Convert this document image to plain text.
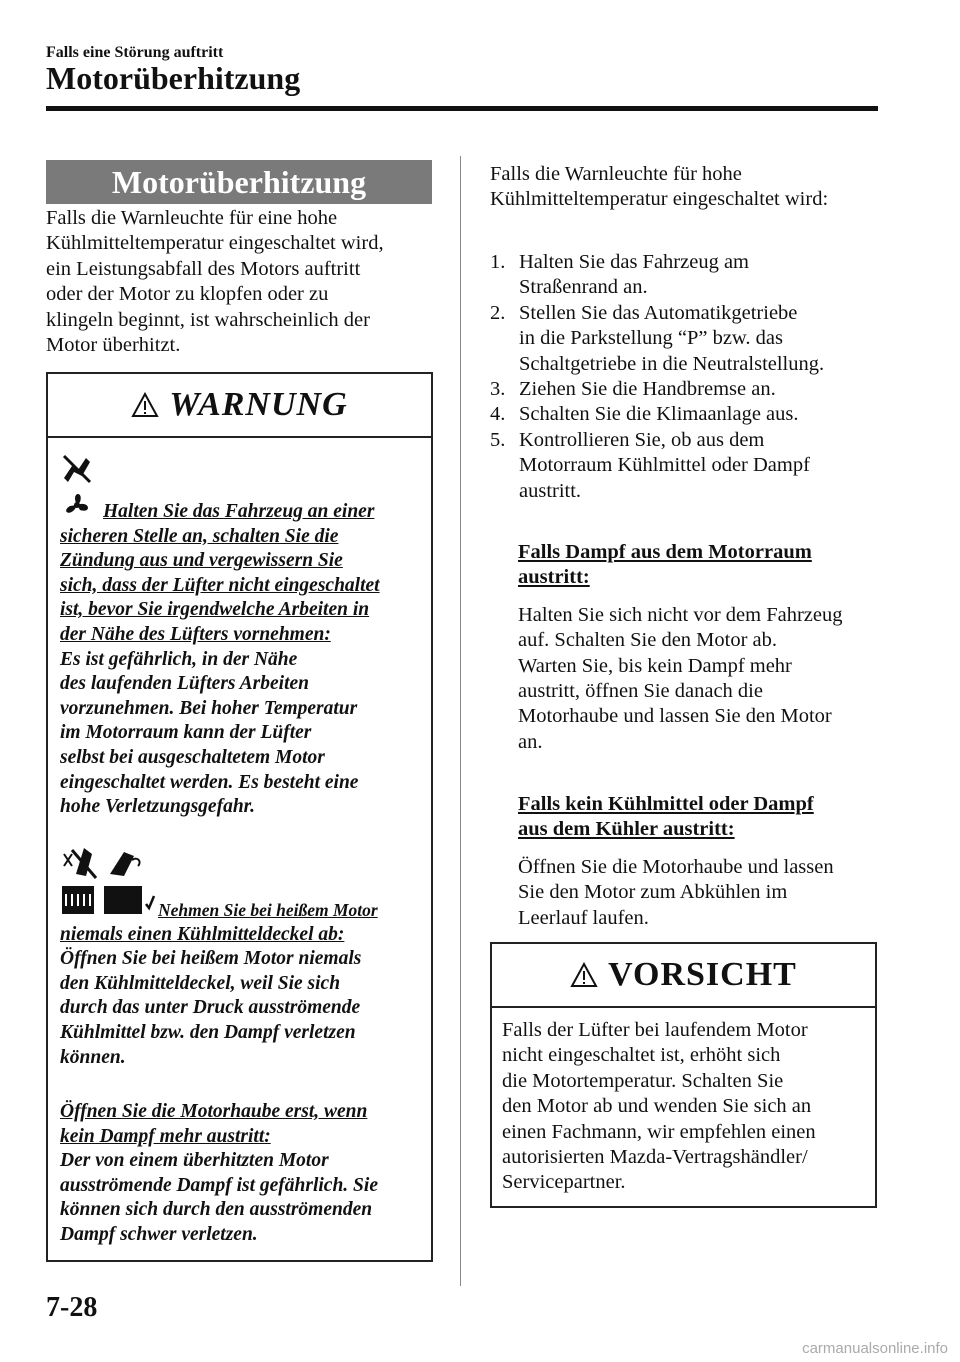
Falls eine Störung auftritt
Motorüberhitzung
Motorüberhitzung
Falls die Warnleuchte für eine hohe
Kühlmitteltemperatur eingeschaltet wird,
ein Leistungsabfall des Motors auftritt
oder der Motor zu klopfen oder zu
klingeln beginnt, ist wahrscheinlich der
Motor überhitzt.
WARNUNG
Halten Sie das Fahrzeug an einer
sicheren Stelle an, schalten Sie die
Zündung aus und vergewissern Sie
sich, dass der Lüfter nicht eingeschaltet
ist, bevor Sie irgendwelche Arbeiten in
der Nähe des Lüfters vornehmen:
Es ist gefährlich, in der Nähe
des laufenden Lüfters Arbeiten
vorzunehmen. Bei hoher Temperatur
im Motorraum kann der Lüfter
selbst bei ausgeschaltetem Motor
eingeschaltet werden. Es besteht eine
hohe Verletzungsgefahr.
Nehmen Sie bei heißem Motor
niemals einen Kühlmitteldeckel ab:
Öffnen Sie bei heißem Motor niemals
den Kühlmitteldeckel, weil Sie sich
durch das unter Druck ausströmende
Kühlmittel bzw. den Dampf verletzen
können.
Öffnen Sie die Motorhaube erst, wenn
kein Dampf mehr austritt:
Der von einem überhitzten Motor
ausströmende Dampf ist gefährlich. Sie
können sich durch den ausströmenden
Dampf schwer verletzen.
Falls die Warnleuchte für hohe
Kühlmitteltemperatur eingeschaltet wird:
1. Halten Sie das Fahrzeug am
Straßenrand an.
2. Stellen Sie das Automatikgetriebe
in die Parkstellung “P” bzw. das
Schaltgetriebe in die Neutralstellung.
3. Ziehen Sie die Handbremse an.
4. Schalten Sie die Klimaanlage aus.
5. Kontrollieren Sie, ob aus dem
Motorraum Kühlmittel oder Dampf
austritt.
Falls Dampf aus dem Motorraum
austritt:
Halten Sie sich nicht vor dem Fahrzeug
auf. Schalten Sie den Motor ab.
Warten Sie, bis kein Dampf mehr
austritt, öffnen Sie danach die
Motorhaube und lassen Sie den Motor
an.
Falls kein Kühlmittel oder Dampf
aus dem Kühler austritt:
Öffnen Sie die Motorhaube und lassen
Sie den Motor zum Abkühlen im
Leerlauf laufen.
VORSICHT
Falls der Lüfter bei laufendem Motor
nicht eingeschaltet ist, erhöht sich
die Motortemperatur. Schalten Sie
den Motor ab und wenden Sie sich an
einen Fachmann, wir empfehlen einen
autorisierten Mazda-Vertragshändler/
Servicepartner.
7-28
carmanualsonline.info
